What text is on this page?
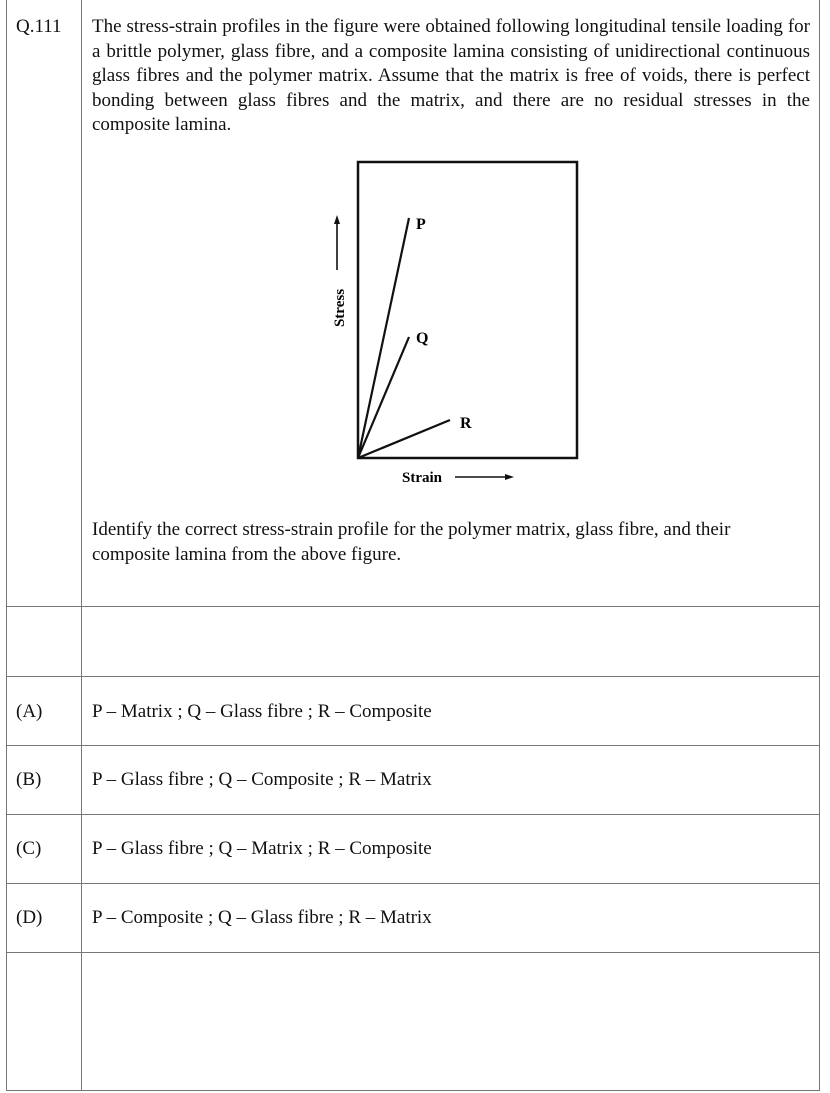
Q.111 The stress-strain profiles in the figure were obtained following longitudinal tensile loading for a brittle polymer, glass fibre, and a composite lamina consisting of unidirectional continuous glass fibres and the polymer matrix. Assume that the matrix is free of voids, there is perfect bonding between glass fibres and the matrix, and there are no residual stresses in the composite lamina.
Stress
Strain
P
Q
R
Identify the correct stress-strain profile for the polymer matrix, glass fibre, and their composite lamina from the above figure.
(A)	P – Matrix ; Q – Glass fibre ; R – Composite
(B)	P – Glass fibre ; Q – Composite ; R – Matrix
(C)	P – Glass fibre ; Q – Matrix ; R – Composite
(D)	P – Composite ; Q – Glass fibre ; R – Matrix
